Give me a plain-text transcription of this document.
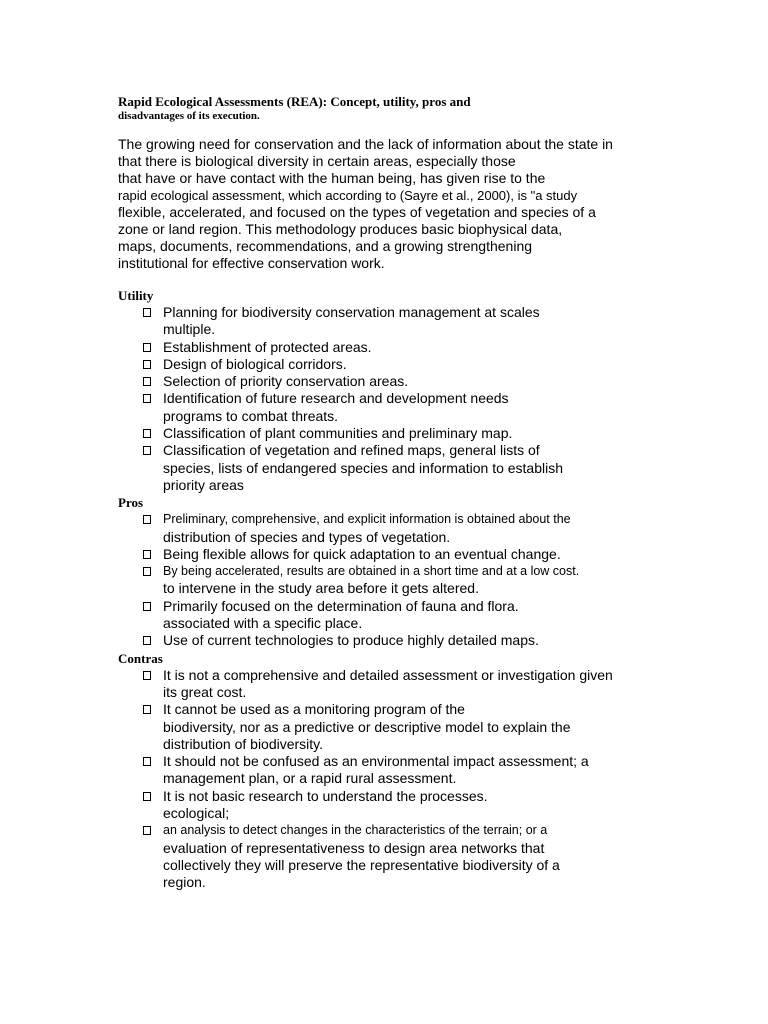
Rapid Ecological Assessments (REA): Concept, utility, pros and
disadvantages of its execution.
The growing need for conservation and the lack of information about the state in
that there is biological diversity in certain areas, especially those
that have or have contact with the human being, has given rise to the
rapid ecological assessment, which according to (Sayre et al., 2000), is "a study
flexible, accelerated, and focused on the types of vegetation and species of a
zone or land region. This methodology produces basic biophysical data,
maps, documents, recommendations, and a growing strengthening
institutional for effective conservation work.
Utility
Planning for biodiversity conservation management at scales
multiple.
Establishment of protected areas.
Design of biological corridors.
Selection of priority conservation areas.
Identification of future research and development needs
programs to combat threats.
Classification of plant communities and preliminary map.
Classification of vegetation and refined maps, general lists of
species, lists of endangered species and information to establish
priority areas
Pros
Preliminary, comprehensive, and explicit information is obtained about the
distribution of species and types of vegetation.
Being flexible allows for quick adaptation to an eventual change.
By being accelerated, results are obtained in a short time and at a low cost.
to intervene in the study area before it gets altered.
Primarily focused on the determination of fauna and flora.
associated with a specific place.
Use of current technologies to produce highly detailed maps.
Contras
It is not a comprehensive and detailed assessment or investigation given
its great cost.
It cannot be used as a monitoring program of the
biodiversity, nor as a predictive or descriptive model to explain the
distribution of biodiversity.
It should not be confused as an environmental impact assessment; a
management plan, or a rapid rural assessment.
It is not basic research to understand the processes.
ecological;
an analysis to detect changes in the characteristics of the terrain; or a
evaluation of representativeness to design area networks that
collectively they will preserve the representative biodiversity of a
region.
